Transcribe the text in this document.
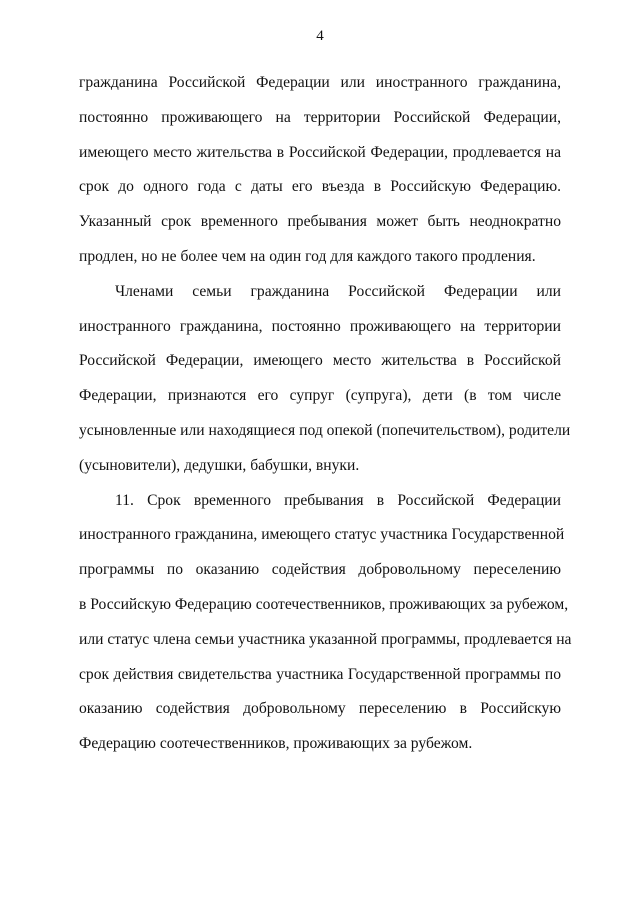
4
гражданина Российской Федерации или иностранного гражданина,
постоянно проживающего на территории Российской Федерации,
имеющего место жительства в Российской Федерации, продлевается на
срок до одного года с даты его въезда в Российскую Федерацию.
Указанный срок временного пребывания может быть неоднократно
продлен, но не более чем на один год для каждого такого продления.
Членами семьи гражданина Российской Федерации или
иностранного гражданина, постоянно проживающего на территории
Российской Федерации, имеющего место жительства в Российской
Федерации, признаются его супруг (супруга), дети (в том числе
усыновленные или находящиеся под опекой (попечительством), родители
(усыновители), дедушки, бабушки, внуки.
11. Срок временного пребывания в Российской Федерации
иностранного гражданина, имеющего статус участника Государственной
программы по оказанию содействия добровольному переселению
в Российскую Федерацию соотечественников, проживающих за рубежом,
или статус члена семьи участника указанной программы, продлевается на
срок действия свидетельства участника Государственной программы по
оказанию содействия добровольному переселению в Российскую
Федерацию соотечественников, проживающих за рубежом.
